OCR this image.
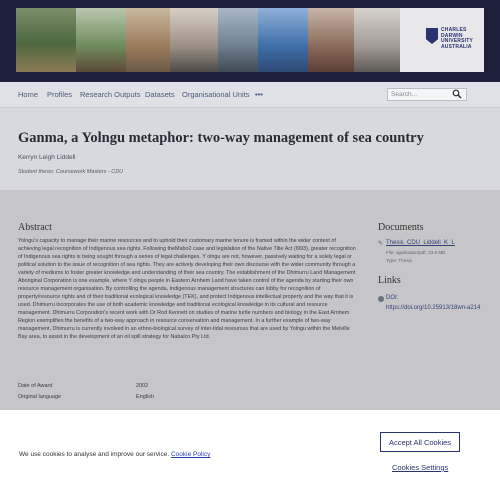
CHARLES DARWIN UNIVERSITY AUSTRALIA
Home Profiles Research Outputs Datasets Organisational Units •••	Search...
Ganma, a Yolngu metaphor: two-way management of sea country
Kerryn Leigh Liddell
Student thesis: Coursework Masters - CDU
Abstract
Yolngu's capacity to manage their marine resources and to uphold their customary marine tenure is framed within the wider context of achieving legal recognition of Indigenous sea rights. Following theMabo2 case and legislation of the Native Title Act (l993), greater recognition of Indigenous sea rights is being sought through a series of legal challenges. Y olngu are not, however, passively waiting for a solely legal or political solution to the issue of recognition of sea rights. They are actively developing their own discourse with the wider community through a variety of mediums to foster greater knowledge and understanding of their sea country. The establishment of the Dhimurru Land Management Aboriginal Corporation is one example, where Y olngu people in Eastern Arnhem Land have taken control of the agenda by starting their own resource management organisation. By controlling the agenda, Indigenous management structures can lobby for recognition of property/resource rights and of their traditional ecological knowledge (TEK), and protect Indigenous intellectual property and the way that it is used. Dhimurru incorporates the use of both academic knowledge and traditional ecological knowledge in its cultural and resource management. Dhimurru Corporation's recent work with Dr Rod Kennett on studies of marine turtle numbers and biology in the East Arnhem Region exemplifies the benefits of a two-way approach in resource conservation and management. In a further example of two-way management, Dhimurru is currently involved in an ethno-biological survey of inter-tidal resources that are used by Yolngu within the Melville Bay area, to assist in the development of an oil spill strategy for Nabalco Pty Ltd.
Documents
✎ Thesis_CDU_Liddell_K_L
File: application/pdf, 33.6 MB
Type: Thesis
Links
DOI:
https://doi.org/10.25913/18wn-a214
Date of Award	2002
Original language	English
We use cookies to analyse and improve our service. Cookie Policy
Accept All Cookies
Cookies Settings
